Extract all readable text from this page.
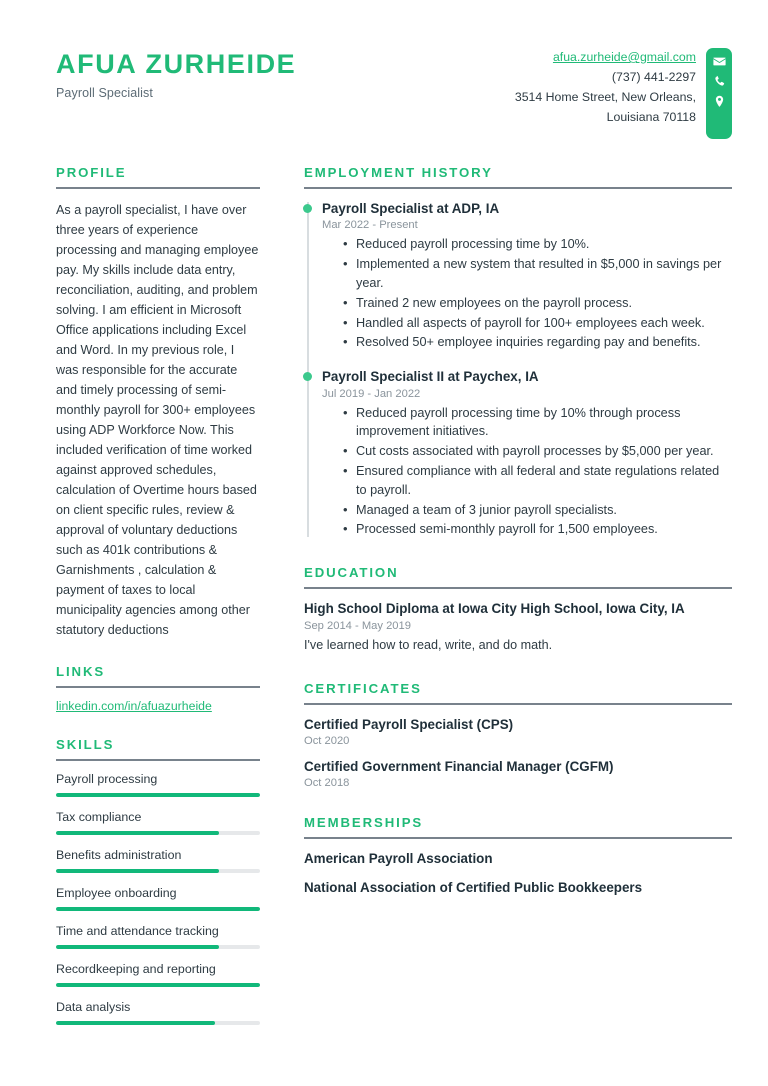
AFUA ZURHEIDE

Payroll Specialist

afua.zurheide@gmail.com
(737) 441-2297
3514 Home Street, New Orleans,
Louisiana 70118
PROFILE

As a payroll specialist, I have over three years of experience processing and managing employee pay. My skills include data entry, reconciliation, auditing, and problem solving. I am efficient in Microsoft Office applications including Excel and Word. In my previous role, I was responsible for the accurate and timely processing of semi-monthly payroll for 300+ employees using ADP Workforce Now. This included verification of time worked against approved schedules, calculation of Overtime hours based on client specific rules, review & approval of voluntary deductions such as 401k contributions & Garnishments , calculation & payment of taxes to local municipality agencies among other statutory deductions

LINKS
linkedin.com/in/afuazurheide
SKILLS
Payroll processing
Tax compliance
Benefits administration
Employee onboarding
Time and attendance tracking
Recordkeeping and reporting
Data analysis
EMPLOYMENT HISTORY
Payroll Specialist at ADP, IA
Mar 2022 - Present
• Reduced payroll processing time by 10%.
• Implemented a new system that resulted in $5,000 in savings per year.
• Trained 2 new employees on the payroll process.
• Handled all aspects of payroll for 100+ employees each week.
• Resolved 50+ employee inquiries regarding pay and benefits.
Payroll Specialist II at Paychex, IA
Jul 2019 - Jan 2022
• Reduced payroll processing time by 10% through process improvement initiatives.
• Cut costs associated with payroll processes by $5,000 per year.
• Ensured compliance with all federal and state regulations related to payroll.
• Managed a team of 3 junior payroll specialists.
• Processed semi-monthly payroll for 1,500 employees.
EDUCATION
High School Diploma at Iowa City High School, Iowa City, IA
Sep 2014 - May 2019
I've learned how to read, write, and do math.
CERTIFICATES
Certified Payroll Specialist (CPS)
Oct 2020
Certified Government Financial Manager (CGFM)
Oct 2018
MEMBERSHIPS
American Payroll Association
National Association of Certified Public Bookkeepers
